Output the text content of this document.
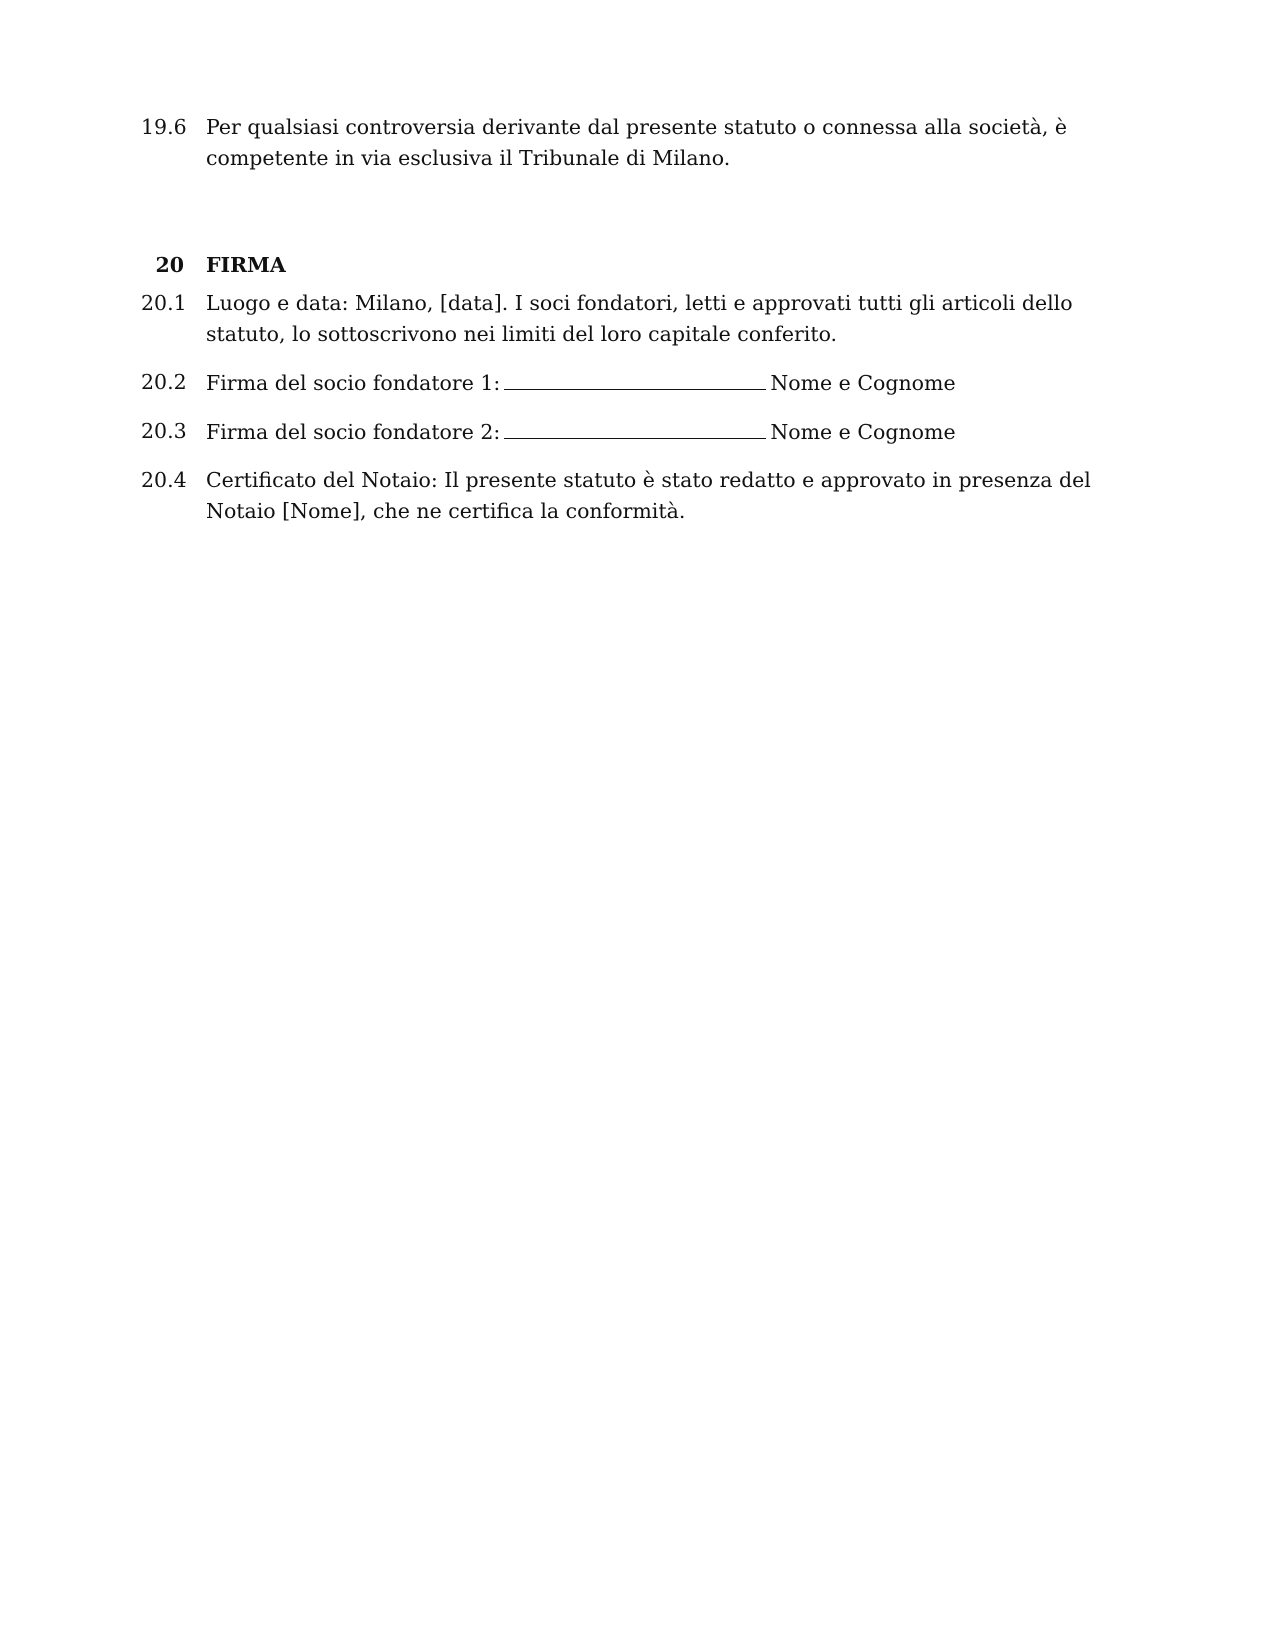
19.6 Per qualsiasi controversia derivante dal presente statuto o connessa alla società, è competente in via esclusiva il Tribunale di Milano.
20	FIRMA
20.1 Luogo e data: Milano, [data]. I soci fondatori, letti e approvati tutti gli articoli dello statuto, lo sottoscrivono nei limiti del loro capitale conferito.
20.2 Firma del socio fondatore 1:	Nome e Cognome
20.3 Firma del socio fondatore 2:	Nome e Cognome
20.4 Certificato del Notaio: Il presente statuto è stato redatto e approvato in presenza del Notaio [Nome], che ne certifica la conformità.
